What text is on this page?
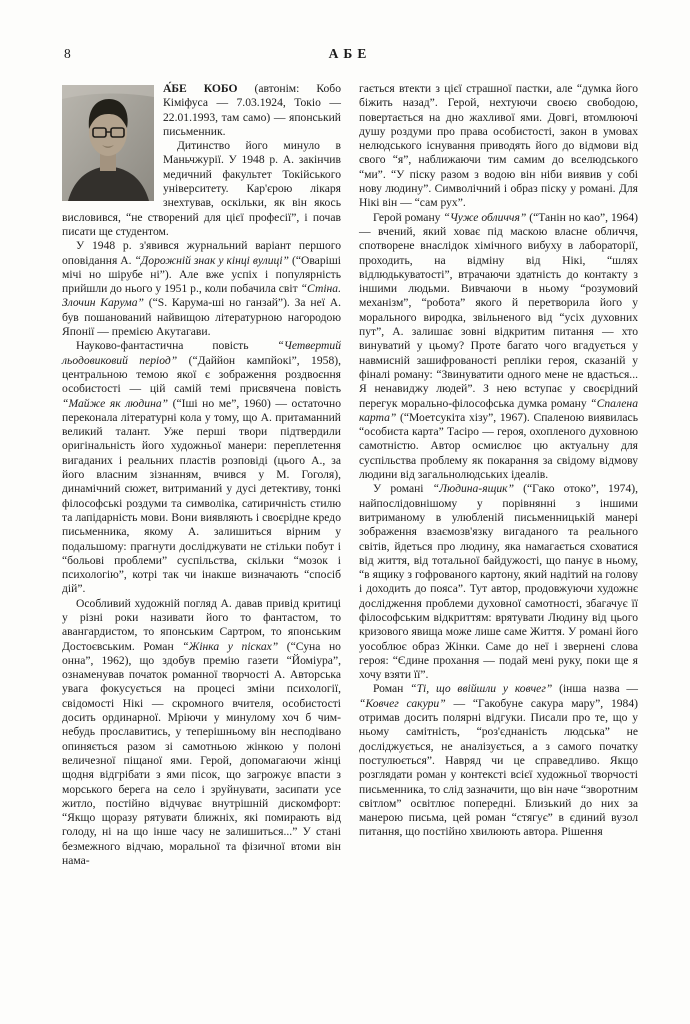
8	АБЕ

А́БЕ КОБО (автонім: Кобо Кіміфуса — 7.03.1924, Токіо — 22.01.1993, там само) — японський письменник.

Дитинство його минуло в Маньчжурії. У 1948 р. А. закінчив медичний факультет Токійського університету. Кар'єрою лікаря знехтував, оскільки, як він якось висловився, “не створений для цієї професії”, і почав писати ще студентом.

У 1948 р. з'явився журнальний варіант першого оповідання А. “Дорожній знак у кінці вулиці” (“Оваріші мічі но шірубе ні”). Але вже успіх і популярність прийшли до нього у 1951 р., коли побачила світ “Стіна. Злочин Карума” (“S. Карума-ші но ганзай”). За неї А. був пошанований найвищою літературною нагородою Японії — премією Акутагави.

Науково-фантастична повість “Четвертий льодовиковий період” (“Даййон кампйокі”, 1958), центральною темою якої є зображення роздвоєння особистості — цій самій темі присвячена повість “Майже як людина” (“Іші но ме”, 1960) — остаточно переконала літературні кола у тому, що А. притаманний великий талант. Уже перші твори підтвердили оригінальність його художньої манери: переплетення вигаданих і реальних пластів розповіді (цього А., за його власним зізнанням, вчився у М. Гоголя), динамічний сюжет, витриманий у дусі детективу, тонкі філософські роздуми та символіка, сатиричність стилю та лапідарність мови. Вони виявляють і своєрідне кредо письменника, якому А. залишиться вірним у подальшому: прагнути досліджувати не стільки побут і “больові проблеми” суспільства, скільки “мозок і психологію”, котрі так чи інакше визначають “спосіб дій”.

Особливий художній погляд А. давав привід критиці у різні роки називати його то фантастом, то авангардистом, то японським Сартром, то японським Достоєвським. Роман “Жінка у пісках” (“Суна но онна”, 1962), що здобув премію газети “Йоміура”, ознаменував початок романної творчості А. Авторська увага фокусується на процесі зміни психології, свідомості Нікі — скромного вчителя, особистості досить ординарної. Мріючи у минулому хоч б чим-небудь прославитись, у теперішньому він несподівано опиняється разом зі самотньою жінкою у полоні величезної піщаної ями. Герой, допомагаючи жінці щодня відгрібати з ями пісок, що загрожує впасти з морського берега на село і зруйнувати, засипати усе житло, постійно відчуває внутрішній дискомфорт: “Якщо щоразу рятувати ближніх, які помирають від голоду, ні на що інше часу не залишиться...” У стані безмежного відчаю, моральної та фізичної втоми він нама-

гається втекти з цієї страшної пастки, але “думка його біжить назад”. Герой, нехтуючи своєю свободою, повертається на дно жахливої ями. Довгі, втомлюючі душу роздуми про права особистості, закон в умовах нелюдського існування приводять його до відмови від свого “я”, наближаючи тим самим до вселюдського “ми”. “У піску разом з водою він ніби виявив у собі нову людину”. Символічний і образ піску у романі. Для Нікі він — “сам рух”.

Герой роману “Чуже обличчя” (“Танін но као”, 1964) — вчений, який ховає під маскою власне обличчя, спотворене внаслідок хімічного вибуху в лабораторії, проходить, на відміну від Нікі, “шлях відлюдькуватості”, втрачаючи здатність до контакту з іншими людьми. Вивчаючи в ньому “розумовий механізм”, “робота” якого й перетворила його у морального виродка, звільненого від “усіх духовних пут”, А. залишає зовні відкритим питання — хто винуватий у цьому? Проте багато чого вгадується у навмисній зашифрованості репліки героя, сказаній у фіналі роману: “Звинуватити одного мене не вдасться... Я ненавиджу людей”. З нею вступає у своєрідний перегук морально-філософська думка роману “Спалена карта” (“Моетсукіта хізу”, 1967). Спаленою виявилась “особиста карта” Тасіро — героя, охопленого духовною самотністю. Автор осмислює цю актуальну для суспільства проблему як покарання за свідому відмову людини від загальнолюдських ідеалів.

У романі “Людина-ящик” (“Гако отоко”, 1974), найпослідовнішому у порівнянні з іншими витриманому в улюбленій письменницькій манері зображення взаємозв'язку вигаданого та реального світів, йдеться про людину, яка намагається сховатися від життя, від тотальної байдужості, що панує в ньому, “в ящику з гофрованого картону, який надітий на голову і доходить до пояса”. Тут автор, продовжуючи художнє дослідження проблеми духовної самотності, збагачує її філософським відкриттям: врятувати Людину від цього кризового явища може лише саме Життя. У романі його уособлює образ Жінки. Саме до неї і звернені слова героя: “Єдине прохання — подай мені руку, поки ще я хочу взяти її”.

Роман “Ті, що ввійшли у ковчег” (інша назва — “Ковчег сакури” — “Гакобуне сакура мару”, 1984) отримав досить полярні відгуки. Писали про те, що у ньому самітність, “роз'єднаність людська” не досліджується, не аналізується, а з самого початку постулюється”. Навряд чи це справедливо. Якщо розглядати роман у контексті всієї художньої творчості письменника, то слід зазначити, що він наче “зворотним світлом” освітлює попередні. Близький до них за манерою письма, цей роман “стягує” в єдиний вузол питання, що постійно хвилюють автора. Рішення
